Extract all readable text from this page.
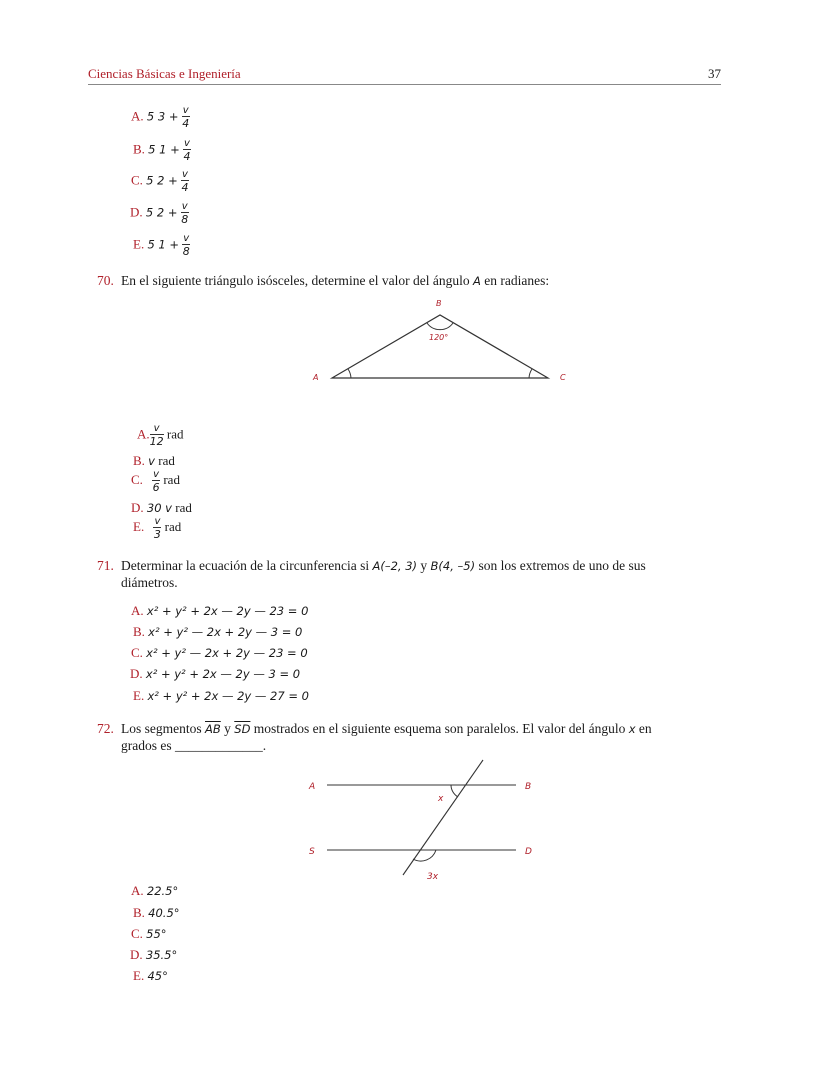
Ciencias Básicas e Ingeniería	37
A. 5 $3 + \frac{v}{4}$
B. 5 $1 + \frac{v}{4}$
C. 5 $2 + \frac{v}{4}$
D. 5 $2 + \frac{v}{8}$
E. 5 $1 + \frac{v}{8}$
70. En el siguiente triángulo isósceles, determine el valor del ángulo A en radianes:
B
120°
A	C
A. $\frac{v}{12}$ rad
B. v rad
C. $\frac{v}{6}$ rad
D. 30 v rad
E. $\frac{v}{3}$ rad
71. Determinar la ecuación de la circunferencia si A(–2, 3) y B(4, –5) son los extremos de uno de sus
diámetros.
A. x² + y² + 2x — 2y — 23 = 0
B. x² + y² — 2x + 2y — 3 = 0
C. x² + y² — 2x + 2y — 23 = 0
D. x² + y² + 2x — 2y — 3 = 0
E. x² + y² + 2x — 2y — 27 = 0
72. Los segmentos $\overline{AB}$ y $\overline{SD}$ mostrados en el siguiente esquema son paralelos. El valor del ángulo x en
grados es _____________.
A	B
S	D
x
3x
A. 22.5°
B. 40.5°
C. 55°
D. 35.5°
E. 45°
